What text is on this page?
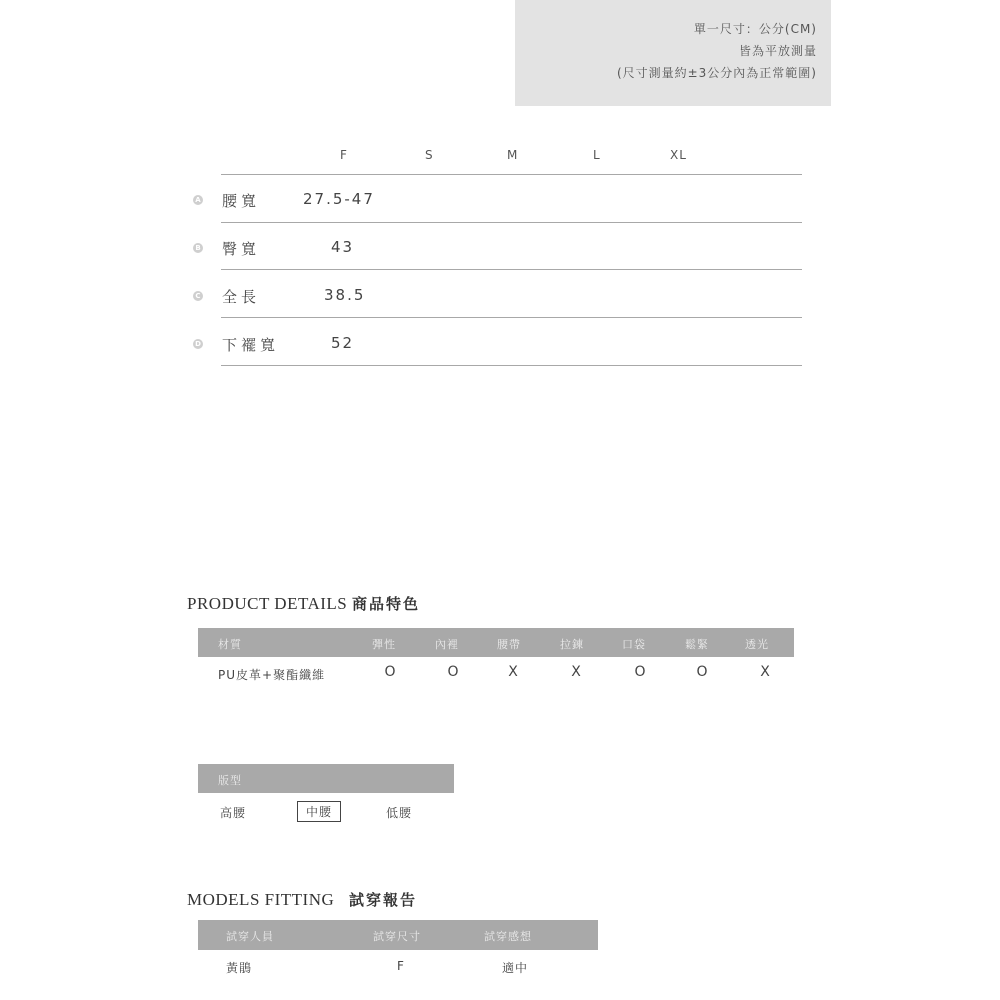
單一尺寸：公分(CM)
皆為平放測量
(尺寸測量約±3公分內為正常範圍)
F	S	M	L	XL
A 腰寬	27.5-47
B 臀寬	43
C 全長	38.5
D 下襬寬	52
PRODUCT DETAILS 商品特色
材質	彈性	內裡	腰帶	拉鍊	口袋	鬆緊	透光
PU皮革+聚酯纖維	O	O	X	X	O	O	X
版型
高腰	中腰	低腰
MODELS FITTING 試穿報告
試穿人員	試穿尺寸	試穿感想
黃鵑	F	適中
